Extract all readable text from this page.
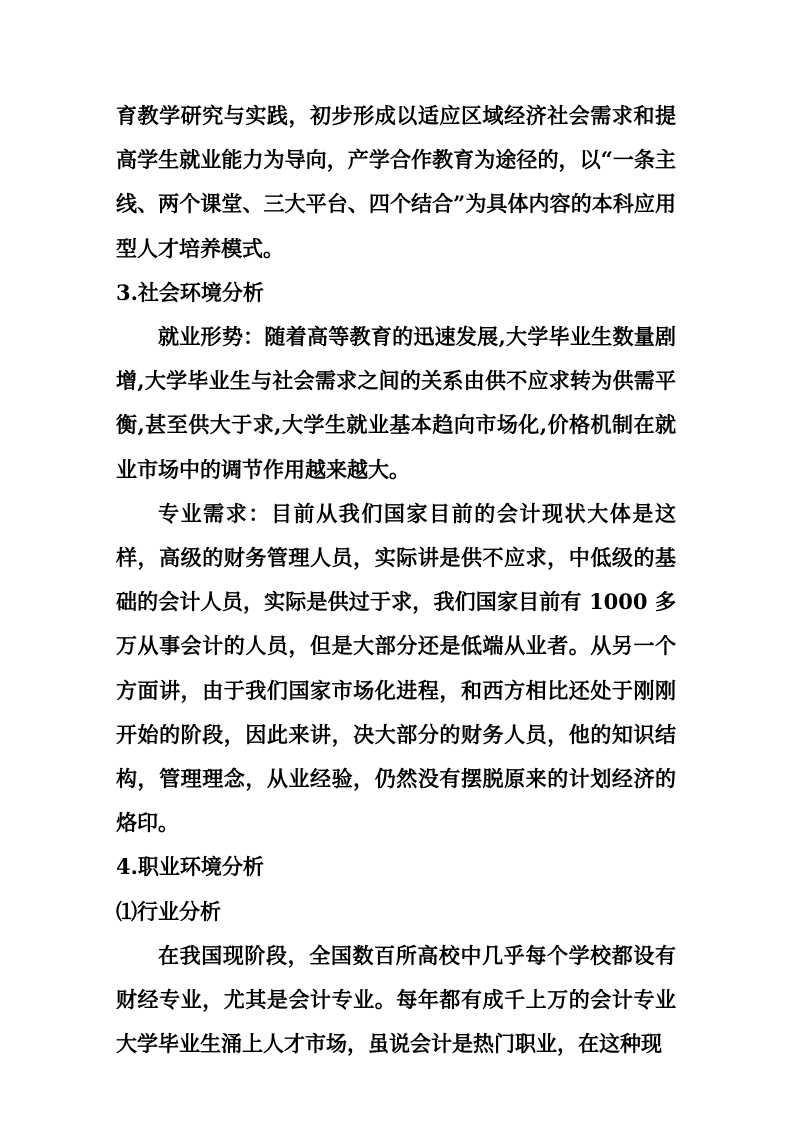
育教学研究与实践，初步形成以适应区域经济社会需求和提高学生就业能力为导向，产学合作教育为途径的，以“一条主线、两个课堂、三大平台、四个结合”为具体内容的本科应用型人才培养模式。

3.社会环境分析

就业形势：随着高等教育的迅速发展,大学毕业生数量剧增,大学毕业生与社会需求之间的关系由供不应求转为供需平衡,甚至供大于求,大学生就业基本趋向市场化,价格机制在就业市场中的调节作用越来越大。

专业需求：目前从我们国家目前的会计现状大体是这样，高级的财务管理人员，实际讲是供不应求，中低级的基础的会计人员，实际是供过于求，我们国家目前有 1000 多万从事会计的人员，但是大部分还是低端从业者。从另一个方面讲，由于我们国家市场化进程，和西方相比还处于刚刚开始的阶段，因此来讲，决大部分的财务人员，他的知识结构，管理理念，从业经验，仍然没有摆脱原来的计划经济的烙印。

4.职业环境分析

⑴行业分析

在我国现阶段，全国数百所高校中几乎每个学校都设有财经专业，尤其是会计专业。每年都有成千上万的会计专业大学毕业生涌上人才市场，虽说会计是热门职业，在这种现
